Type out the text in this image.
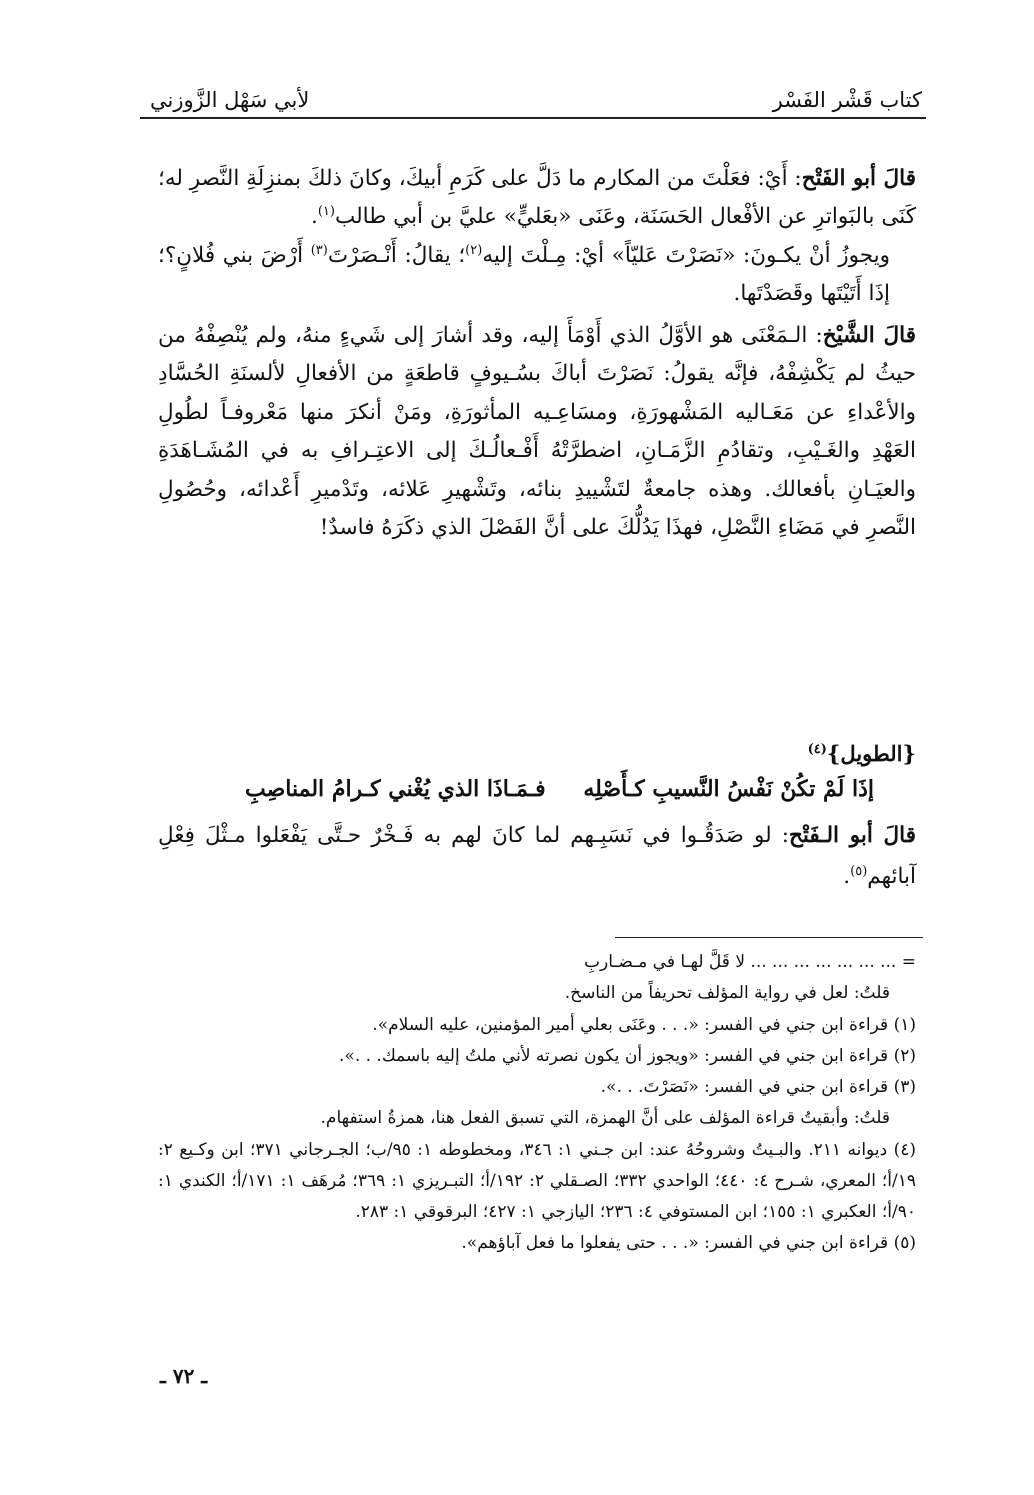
كتاب قَشْر الفَسْر
لأبي سَهْل الزَّوزني

قالَ أبو الفَتْح: أَيْ: فعَلْتَ من المكارم ما دَلَّ على كَرَمِ أبيكَ، وكانَ ذلكَ بمنزِلَةِ النَّصرِ له؛ كَنَى بالبَواترِ عن الأفْعال الحَسَنَة، وعَنَى «بعَليٍّ» عليَّ بن أبي طالب$^{(١)}$.

ويجوزُ أنْ يكـونَ: «نَصَرْتَ عَليّاً» أيْ: مِـلْتَ إليه$^{(٢)}$؛ يقالُ: أَنْـصَرْتَ$^{(٣)}$ أَرْضَ بني فُلانٍ؟؛ إذَا أَتَيْتَها وقَصَدْتَها.

قالَ الشَّيْخ: الـمَعْنَى هو الأوَّلُ الذي أَوْمَأَ إليه، وقد أشارَ إلى شَيءٍ منهُ، ولم يُنْصِفْهُ من حيثُ لم يَكْشِفْهُ، فإنَّه يقولُ: نَصَرْتَ أباكَ بسُـيوفٍ قاطعَةٍ من الأفعالِ لألسنَةِ الحُسَّادِ والأعْداءِ عن مَعَـاليه المَشْهورَةِ، ومسَاعِـيه المأثورَةِ، ومَنْ أنكرَ منها مَعْروفـاً لطُولِ العَهْدِ والغَـيْبِ، وتقادُمِ الزَّمَـانِ، اضطرَّتْهُ أَفْـعالُـكَ إلى الاعتِـرافِ به في المُشَـاهَدَةِ والعيَـانِ بأفعالك. وهذه جامعةٌ لتَشْييدِ بنائه، وتَشْهيرِ عَلائه، وتَدْميرِ أَعْدائه، وحُصُولِ النَّصرِ في مَضَاءِ النَّصْلِ، فهذَا يَدُلُّكَ على أنَّ الفَصْلَ الذي ذكَرَهُ فاسدٌ!

{الطويل}$^{(٤)}$
إذَا لَمْ تكُنْ نَفْسُ النَّسيبِ كـأَصْلِه
فـمَـاذَا الذي يُغْني كـرامُ المناصِبِ

قالَ أبو الـفَتْح: لو صَدَقُـوا في نَسَبِـهم لما كانَ لهم به فَـخْرٌ حـتَّى يَفْعَلوا مـثْلَ فِعْلِ آبائهم$^{(٥)}$.

= ... ... ... ... ... ... ... لا قَلَّ لهـا في مـضـاربِ

قلتُ: لعل في رواية المؤلف تحريفاً من الناسخ.

(١) قراءة ابن جني في الفسر: «. . . وعَنَى بعلي أمير المؤمنين، عليه السلام».

(٢) قراءة ابن جني في الفسر: «ويجوز أن يكون نصرته لأني ملتُ إليه باسمك. . .».

(٣) قراءة ابن جني في الفسر: «نَصَرْتَ. . .».

قلتُ: وأبقيتُ قراءة المؤلف على أنَّ الهمزة، التي تسبق الفعل هنا، همزةُ استفهام.

(٤) ديوانه ٢١١. والبـيتُ وشروحُهُ عند: ابن جـني ١: ٣٤٦، ومخطوطه ١: ٩٥/ب؛ الجـرجاني ٣٧١؛ ابن وكـيع ٢: ١٩/أ؛ المعري، شـرح ٤: ٤٤٠؛ الواحدي ٣٣٢؛ الصـقلي ٢: ١٩٢/أ؛ التبـريزي ١: ٣٦٩؛ مُرهَف ١: ١٧١/أ؛ الكندي ١: ٩٠/أ؛ العكبري ١: ١٥٥؛ ابن المستوفي ٤: ٢٣٦؛ اليازجي ١: ٤٢٧؛ البرقوقي ١: ٢٨٣.

(٥) قراءة ابن جني في الفسر: «. . . حتى يفعلوا ما فعل آباؤهم».

ـ ٧٢ ـ
